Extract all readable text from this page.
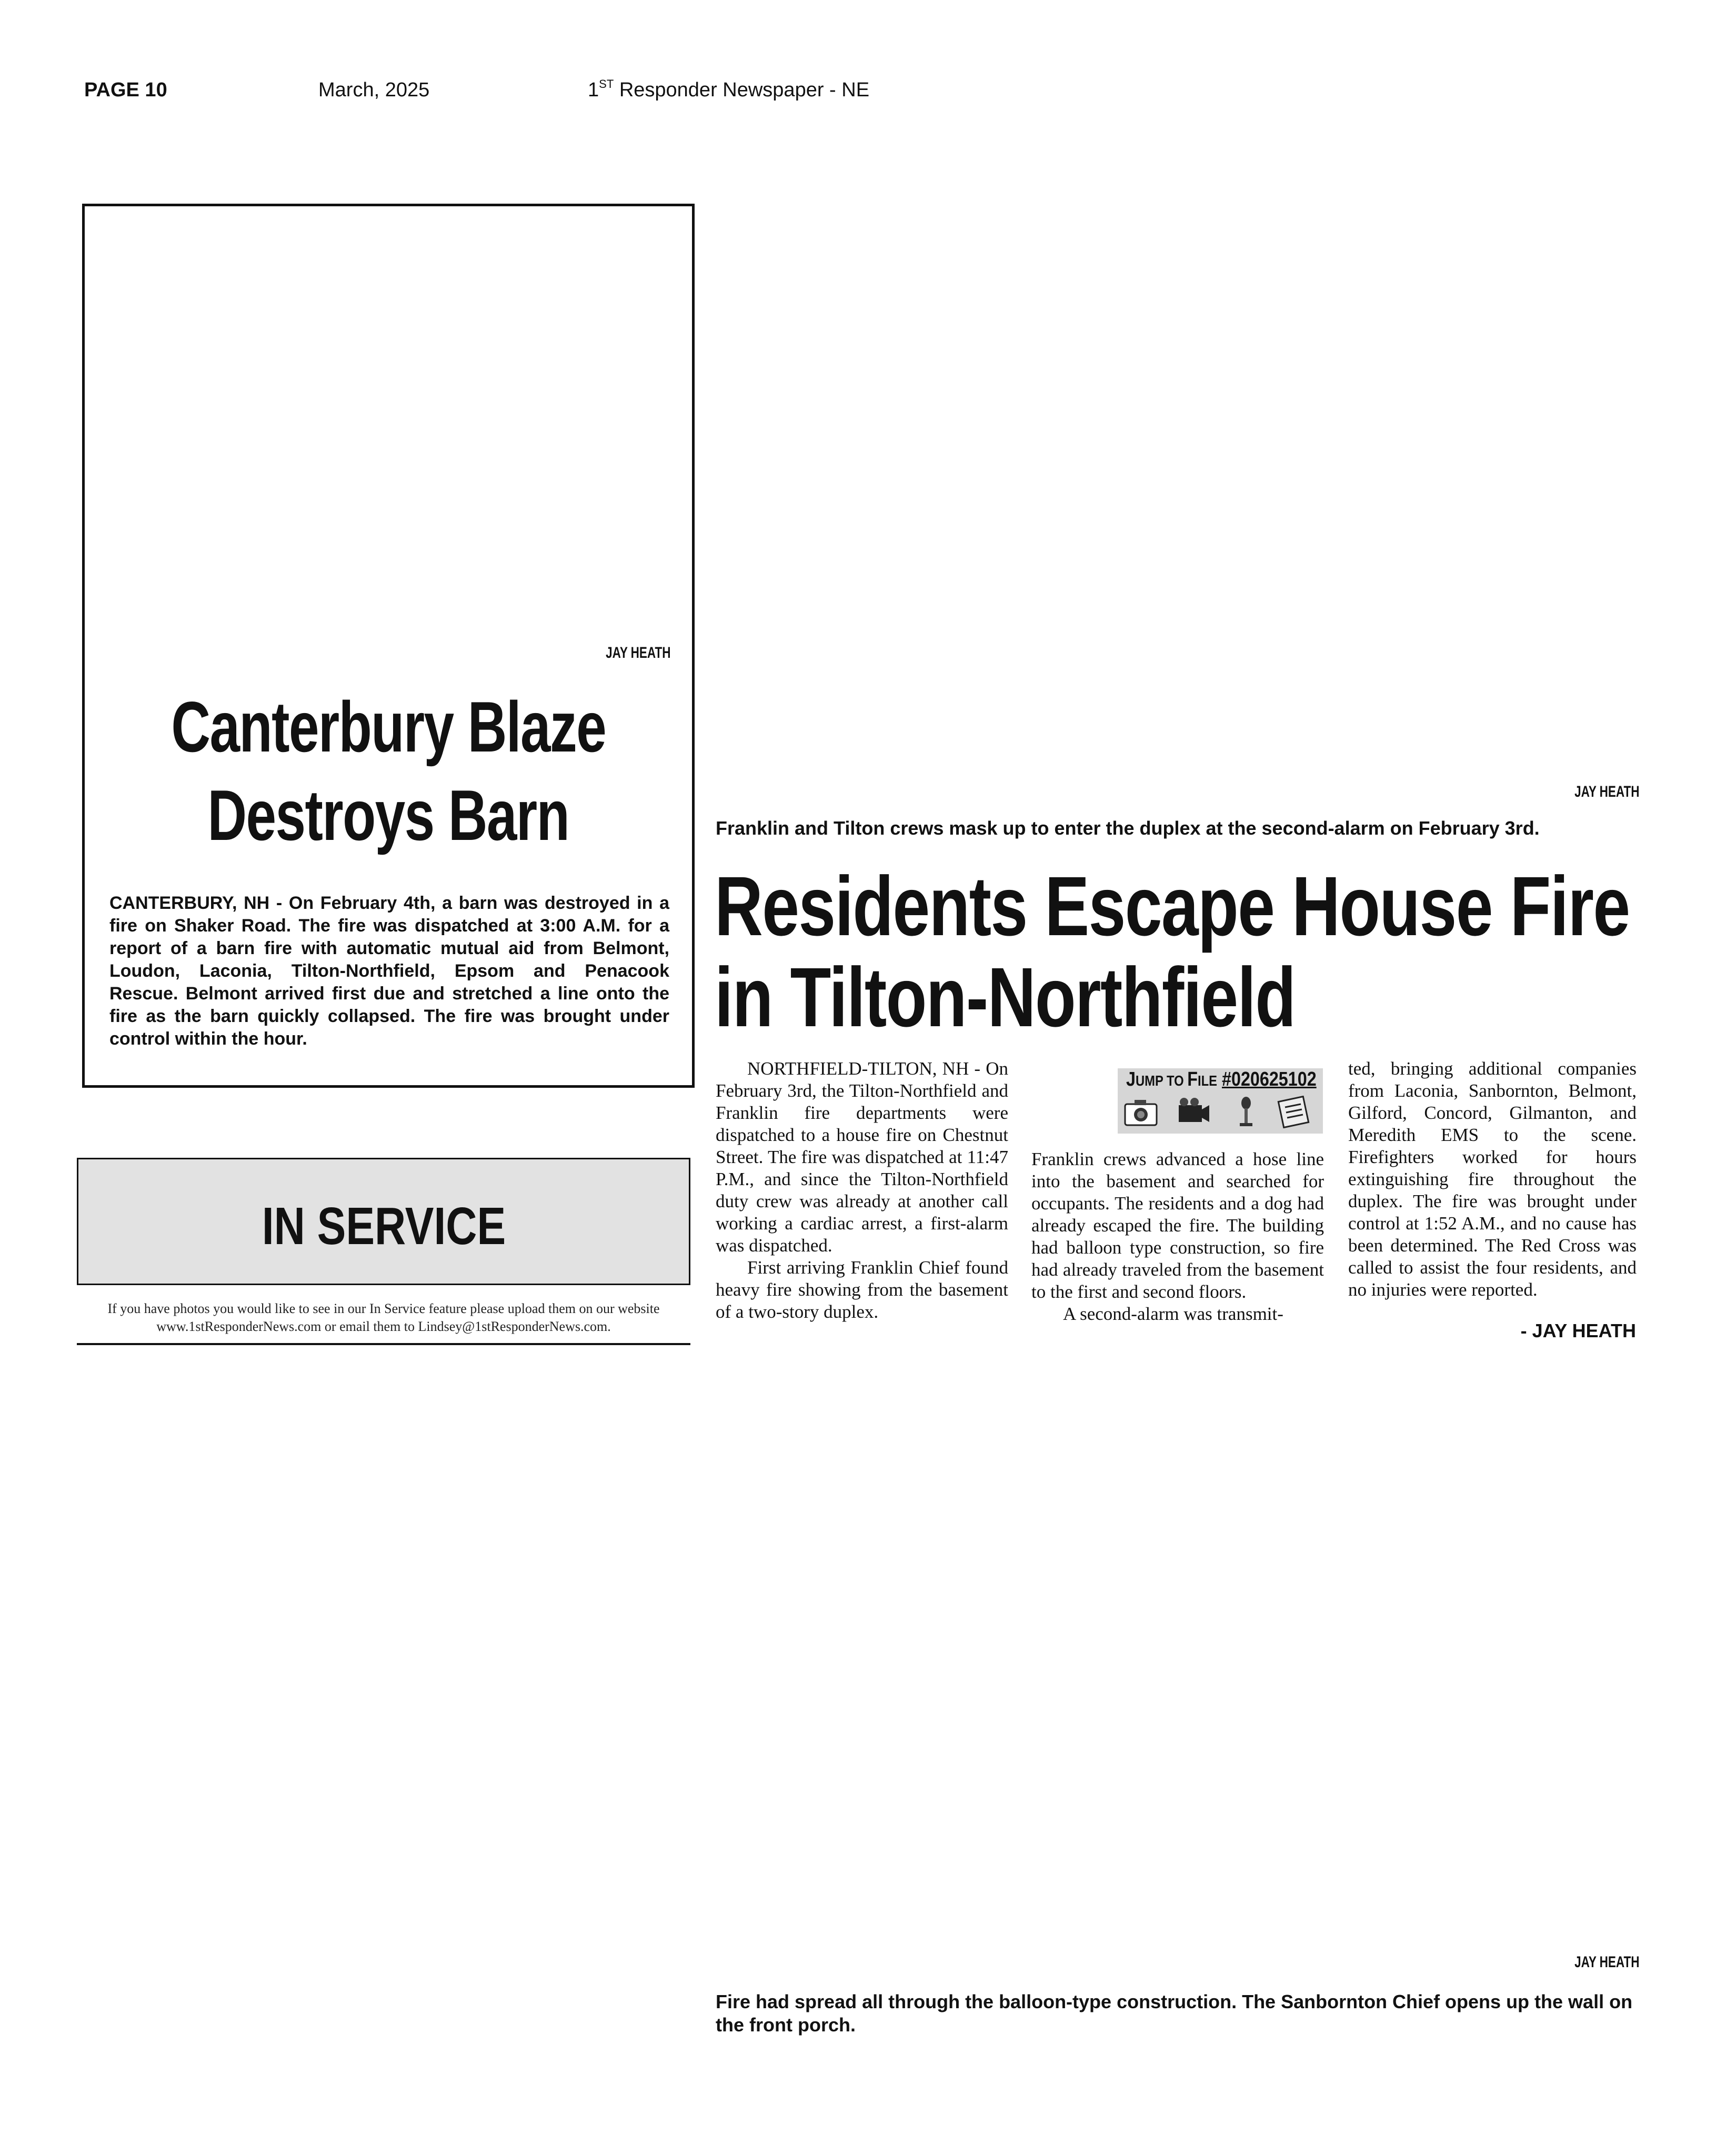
PAGE 10	March, 2025	1ST Responder Newspaper - NE
JAY HEATH
Canterbury Blaze
Destroys Barn
CANTERBURY, NH - On February 4th, a barn was destroyed in a fire on Shaker Road. The fire was dispatched at 3:00 A.M. for a report of a barn fire with automatic mutual aid from Belmont, Loudon, Laconia, Tilton-Northfield, Epsom and Penacook Rescue. Belmont arrived first due and stretched a line onto the fire as the barn quickly collapsed. The fire was brought under control within the hour.
IN SERVICE
If you have photos you would like to see in our In Service feature please upload them on our website www.1stResponderNews.com or email them to Lindsey@1stResponderNews.com.
JAY HEATH
Franklin and Tilton crews mask up to enter the duplex at the second-alarm on February 3rd.
Residents Escape House Fire
in Tilton-Northfield

NORTHFIELD-TILTON, NH - On February 3rd, the Tilton-Northfield and Franklin fire departments were dispatched to a house fire on Chestnut Street. The fire was dispatched at 11:47 P.M., and since the Tilton-Northfield duty crew was already at another call working a cardiac arrest, a first-alarm was dispatched.

First arriving Franklin Chief found heavy fire showing from the basement of a two-story duplex.

JUMP TO FILE #020625102

Franklin crews advanced a hose line into the basement and searched for occupants. The residents and a dog had already escaped the fire. The building had balloon type construction, so fire had already traveled from the basement to the first and second floors.

A second-alarm was transmit-

ted, bringing additional companies from Laconia, Sanbornton, Belmont, Gilford, Concord, Gilmanton, and Meredith EMS to the scene. Firefighters worked for hours extinguishing fire throughout the duplex. The fire was brought under control at 1:52 A.M., and no cause has been determined. The Red Cross was called to assist the four residents, and no injuries were reported.

- JAY HEATH
JAY HEATH
Fire had spread all through the balloon-type construction. The Sanbornton Chief opens up the wall on the front porch.
